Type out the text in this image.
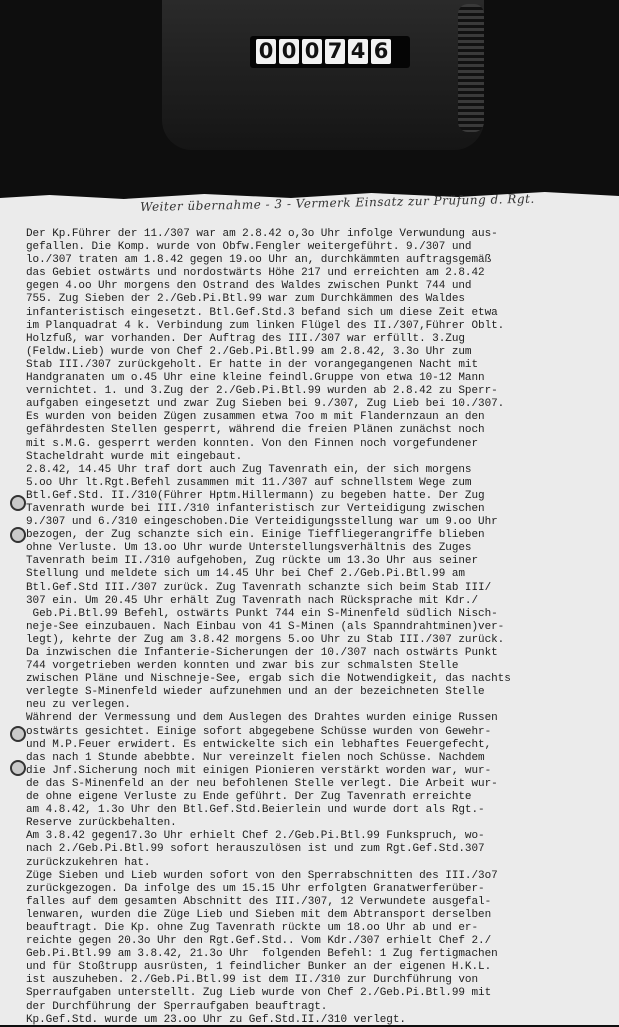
0 0 0 7 4 6
Weiter übernahme - 3 - Vermerk Einsatz zur Prüfung d. Rgt.
Der Kp.Führer der 11./307 war am 2.8.42 o,3o Uhr infolge Verwundung aus-
gefallen. Die Komp. wurde von Obfw.Fengler weitergeführt. 9./307 und
lo./307 traten am 1.8.42 gegen 19.oo Uhr an, durchkämmten auftragsgemäß
das Gebiet ostwärts und nordostwärts Höhe 217 und erreichten am 2.8.42
gegen 4.oo Uhr morgens den Ostrand des Waldes zwischen Punkt 744 und
755. Zug Sieben der 2./Geb.Pi.Btl.99 war zum Durchkämmen des Waldes
infanteristisch eingesetzt. Btl.Gef.Std.3 befand sich um diese Zeit etwa
im Planquadrat 4 k. Verbindung zum linken Flügel des II./307,Führer Oblt.
Holzfuß, war vorhanden. Der Auftrag des III./307 war erfüllt. 3.Zug
(Feldw.Lieb) wurde von Chef 2./Geb.Pi.Btl.99 am 2.8.42, 3.3o Uhr zum
Stab III./307 zurückgeholt. Er hatte in der vorangegangenen Nacht mit
Handgranaten um o.45 Uhr eine kleine feindl.Gruppe von etwa 10-12 Mann
vernichtet. 1. und 3.Zug der 2./Geb.Pi.Btl.99 wurden ab 2.8.42 zu Sperr-
aufgaben eingesetzt und zwar Zug Sieben bei 9./307, Zug Lieb bei 10./307.
Es wurden von beiden Zügen zusammen etwa 7oo m mit Flandernzaun an den
gefährdesten Stellen gesperrt, während die freien Plänen zunächst noch
mit s.M.G. gesperrt werden konnten. Von den Finnen noch vorgefundener
Stacheldraht wurde mit eingebaut.
2.8.42, 14.45 Uhr traf dort auch Zug Tavenrath ein, der sich morgens
5.oo Uhr lt.Rgt.Befehl zusammen mit 11./307 auf schnellstem Wege zum
Btl.Gef.Std. II./310(Führer Hptm.Hillermann) zu begeben hatte. Der Zug
Tavenrath wurde bei III./310 infanteristisch zur Verteidigung zwischen
9./307 und 6./310 eingeschoben.Die Verteidigungsstellung war um 9.oo Uhr
bezogen, der Zug schanzte sich ein. Einige Tieffliegerangriffe blieben
ohne Verluste. Um 13.oo Uhr wurde Unterstellungsverhältnis des Zuges
Tavenrath beim II./310 aufgehoben, Zug rückte um 13.3o Uhr aus seiner
Stellung und meldete sich um 14.45 Uhr bei Chef 2./Geb.Pi.Btl.99 am
Btl.Gef.Std III./307 zurück. Zug Tavenrath schanzte sich beim Stab III/
307 ein. Um 20.45 Uhr erhält Zug Tavenrath nach Rücksprache mit Kdr./
Geb.Pi.Btl.99 Befehl, ostwärts Punkt 744 ein S-Minenfeld südlich Nisch-
neje-See einzubauen. Nach Einbau von 41 S-Minen (als Spanndrahtminen)ver-
legt), kehrte der Zug am 3.8.42 morgens 5.oo Uhr zu Stab III./307 zurück.
Da inzwischen die Infanterie-Sicherungen der 10./307 nach ostwärts Punkt
744 vorgetrieben werden konnten und zwar bis zur schmalsten Stelle
zwischen Pläne und Nischneje-See, ergab sich die Notwendigkeit, das nachts
verlegte S-Minenfeld wieder aufzunehmen und an der bezeichneten Stelle
neu zu verlegen.
Während der Vermessung und dem Auslegen des Drahtes wurden einige Russen
ostwärts gesichtet. Einige sofort abgegebene Schüsse wurden von Gewehr-
und M.P.Feuer erwidert. Es entwickelte sich ein lebhaftes Feuergefecht,
das nach 1 Stunde abebbte. Nur vereinzelt fielen noch Schüsse. Nachdem
die Jnf.Sicherung noch mit einigen Pionieren verstärkt worden war, wur-
de das S-Minenfeld an der neu befohlenen Stelle verlegt. Die Arbeit wur-
de ohne eigene Verluste zu Ende geführt. Der Zug Tavenrath erreichte
am 4.8.42, 1.3o Uhr den Btl.Gef.Std.Beierlein und wurde dort als Rgt.-
Reserve zurückbehalten.
Am 3.8.42 gegen17.3o Uhr erhielt Chef 2./Geb.Pi.Btl.99 Funkspruch, wo-
nach 2./Geb.Pi.Btl.99 sofort herauszulösen ist und zum Rgt.Gef.Std.307
zurückzukehren hat.
Züge Sieben und Lieb wurden sofort von den Sperrabschnitten des III./3o7
zurückgezogen. Da infolge des um 15.15 Uhr erfolgten Granatwerferüber-
falles auf dem gesamten Abschnitt des III./307, 12 Verwundete ausgefal-
lenwaren, wurden die Züge Lieb und Sieben mit dem Abtransport derselben
beauftragt. Die Kp. ohne Zug Tavenrath rückte um 18.oo Uhr ab und er-
reichte gegen 20.3o Uhr den Rgt.Gef.Std.. Vom Kdr./307 erhielt Chef 2./
Geb.Pi.Btl.99 am 3.8.42, 21.3o Uhr  folgenden Befehl: 1 Zug fertigmachen
und für Stoßtrupp ausrüsten, 1 feindlicher Bunker an der eigenen H.K.L.
ist auszuheben. 2./Geb.Pi.Btl.99 ist dem II./310 zur Durchführung von
Sperraufgaben unterstellt. Zug Lieb wurde von Chef 2./Geb.Pi.Btl.99 mit
der Durchführung der Sperraufgaben beauftragt.
Kp.Gef.Std. wurde um 23.oo Uhr zu Gef.Std.II./310 verlegt.
